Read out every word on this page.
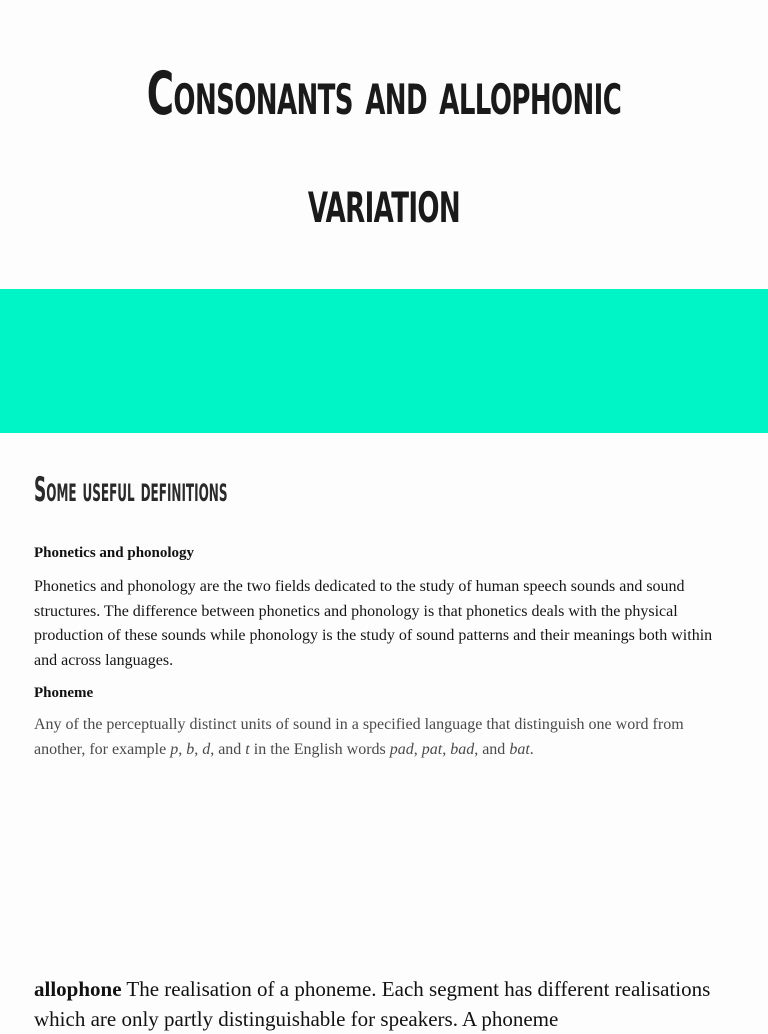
Consonants and allophonic
variation
Some useful definitions

Phonetics and phonology

Phonetics and phonology are the two fields dedicated to the study of human speech sounds and sound structures. The difference between phonetics and phonology is that phonetics deals with the physical production of these sounds while phonology is the study of sound patterns and their meanings both within and across languages.

Phoneme

Any of the perceptually distinct units of sound in a specified language that distinguish one word from another, for example p, b, d, and t in the English words pad, pat, bad, and bat.

allophone The realisation of a phoneme. Each segment has different realisations which are only partly distinguishable for speakers. A phoneme
